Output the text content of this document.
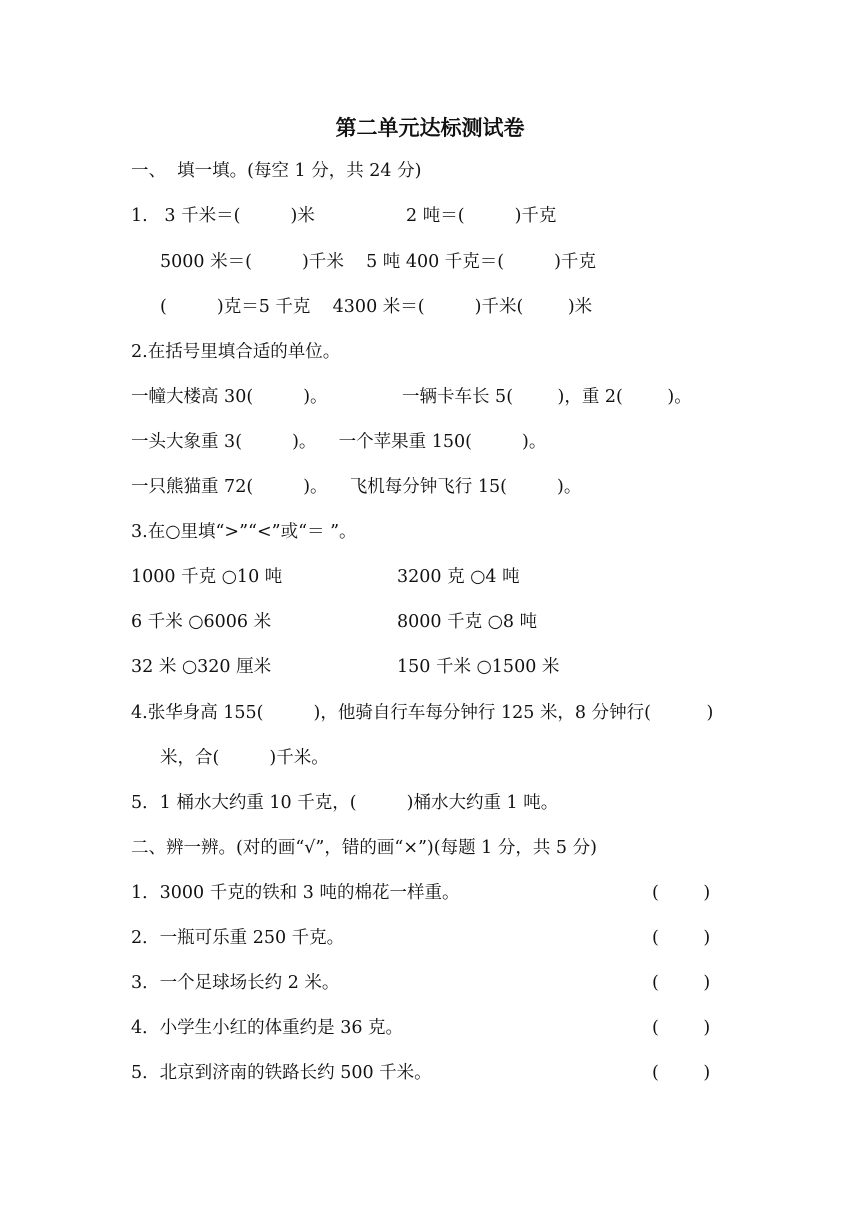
第二单元达标测试卷
一、  填一填。(每空 1 分，共 24 分)
1.   3 千米＝(         )米	2 吨＝(         )千克
5000 米＝(         )千米    5 吨 400 千克＝(         )千克
(         )克＝5 千克    4300 米＝(         )千米(        )米
2.在括号里填合适的单位。
一幢大楼高 30(         )。	一辆卡车长 5(        )，重 2(        )。
一头大象重 3(         )。    一个苹果重 150(         )。
一只熊猫重 72(         )。    飞机每分钟飞行 15(         )。
3.在○里填“>”“<”或“＝ ”。
1000 千克 ○10 吨	3200 克 ○4 吨
6 千米 ○6006 米	8000 千克 ○8 吨
32 米 ○320 厘米	150 千米 ○1500 米
4.张华身高 155(         )，他骑自行车每分钟行 125 米，8 分钟行(          )
米，合(         )千米。
5．1 桶水大约重 10 千克，(         )桶水大约重 1 吨。
二、辨一辨。(对的画“√”，错的画“×”)(每题 1 分，共 5 分)
1．3000 千克的铁和 3 吨的棉花一样重。	(        )
2．一瓶可乐重 250 千克。	(        )
3．一个足球场长约 2 米。	(        )
4．小学生小红的体重约是 36 克。	(        )
5．北京到济南的铁路长约 500 千米。	(        )
